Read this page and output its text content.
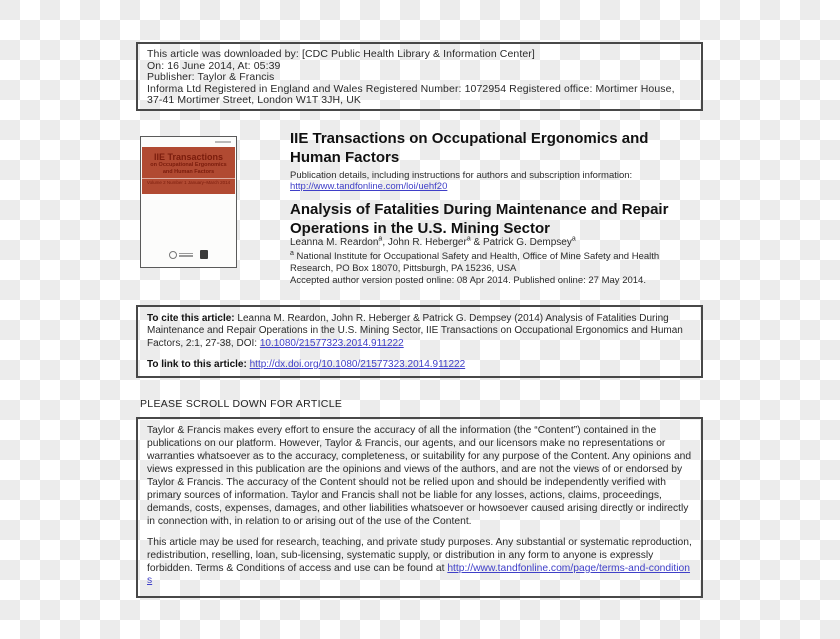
This article was downloaded by: [CDC Public Health Library & Information Center]
On: 16 June 2014, At: 05:39
Publisher: Taylor & Francis
Informa Ltd Registered in England and Wales Registered Number: 1072954 Registered office: Mortimer House, 37-41 Mortimer Street, London W1T 3JH, UK
IIE Transactions
on Occupational Ergonomics
and Human Factors
Volume 2 Number 1 January–March 2014
IIE Transactions on Occupational Ergonomics and Human Factors
Publication details, including instructions for authors and subscription information:
http://www.tandfonline.com/loi/uehf20
Analysis of Fatalities During Maintenance and Repair Operations in the U.S. Mining Sector
Leanna M. Reardon$^a$, John R. Heberger$^a$ & Patrick G. Dempsey$^a$
$^a$ National Institute for Occupational Safety and Health, Office of Mine Safety and Health Research, PO Box 18070, Pittsburgh, PA 15236, USA
Accepted author version posted online: 08 Apr 2014. Published online: 27 May 2014.
To cite this article: Leanna M. Reardon, John R. Heberger & Patrick G. Dempsey (2014) Analysis of Fatalities During Maintenance and Repair Operations in the U.S. Mining Sector, IIE Transactions on Occupational Ergonomics and Human Factors, 2:1, 27-38, DOI: 10.1080/21577323.2014.911222
To link to this article: http://dx.doi.org/10.1080/21577323.2014.911222
PLEASE SCROLL DOWN FOR ARTICLE
Taylor & Francis makes every effort to ensure the accuracy of all the information (the “Content”) contained in the publications on our platform. However, Taylor & Francis, our agents, and our licensors make no representations or warranties whatsoever as to the accuracy, completeness, or suitability for any purpose of the Content. Any opinions and views expressed in this publication are the opinions and views of the authors, and are not the views of or endorsed by Taylor & Francis. The accuracy of the Content should not be relied upon and should be independently verified with primary sources of information. Taylor and Francis shall not be liable for any losses, actions, claims, proceedings, demands, costs, expenses, damages, and other liabilities whatsoever or howsoever caused arising directly or indirectly in connection with, in relation to or arising out of the use of the Content.
This article may be used for research, teaching, and private study purposes. Any substantial or systematic reproduction, redistribution, reselling, loan, sub-licensing, systematic supply, or distribution in any form to anyone is expressly forbidden. Terms & Conditions of access and use can be found at http://www.tandfonline.com/page/terms-and-conditions
